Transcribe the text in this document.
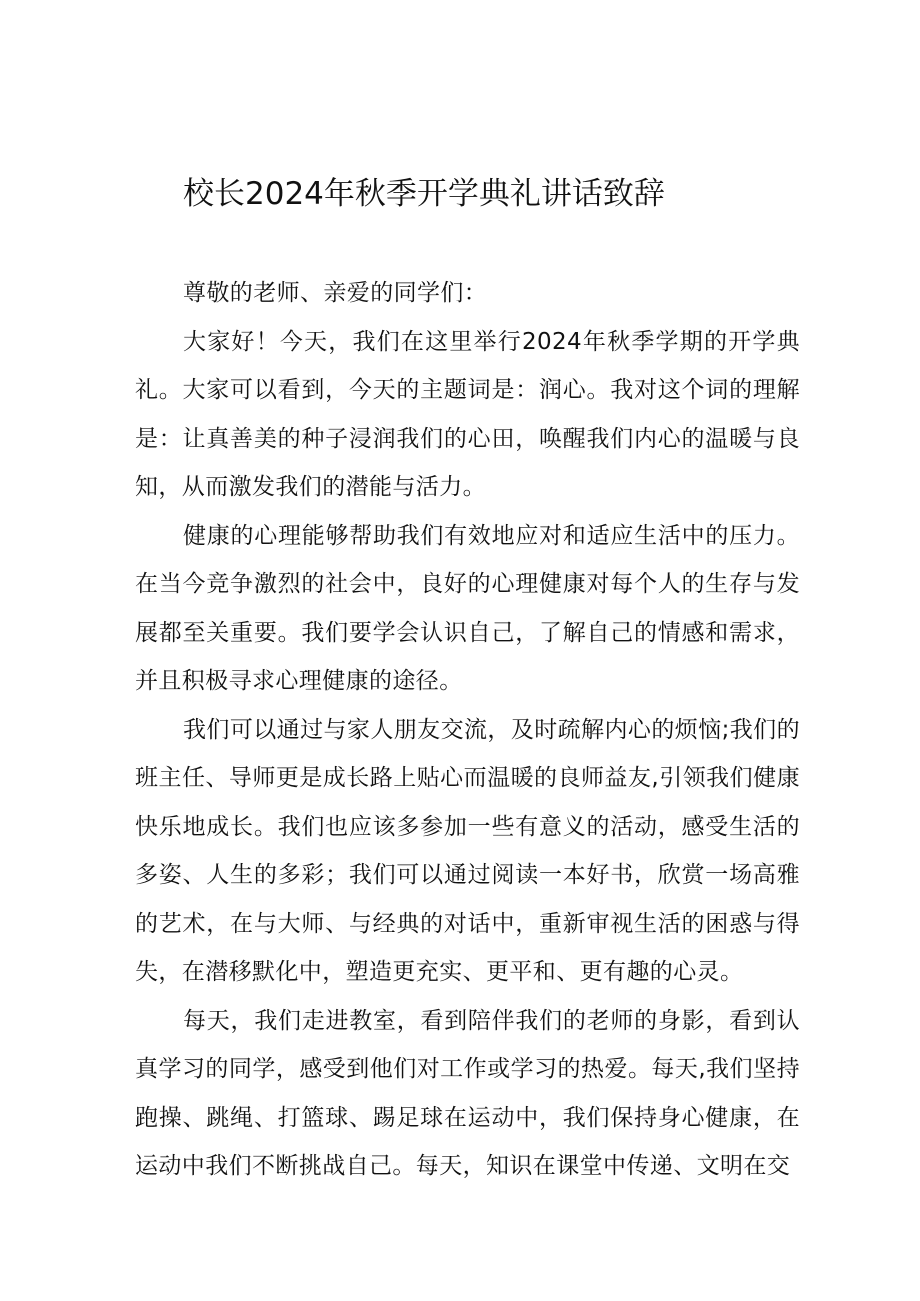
校长2024年秋季开学典礼讲话致辞

尊敬的老师、亲爱的同学们：

大家好！今天，我们在这里举行2024年秋季学期的开学典礼。大家可以看到，今天的主题词是：润心。我对这个词的理解是：让真善美的种子浸润我们的心田，唤醒我们内心的温暖与良知，从而激发我们的潜能与活力。

健康的心理能够帮助我们有效地应对和适应生活中的压力。在当今竞争激烈的社会中，良好的心理健康对每个人的生存与发展都至关重要。我们要学会认识自己，了解自己的情感和需求，并且积极寻求心理健康的途径。

我们可以通过与家人朋友交流，及时疏解内心的烦恼;我们的班主任、导师更是成长路上贴心而温暖的良师益友,引领我们健康快乐地成长。我们也应该多参加一些有意义的活动，感受生活的多姿、人生的多彩；我们可以通过阅读一本好书，欣赏一场高雅的艺术，在与大师、与经典的对话中，重新审视生活的困惑与得失，在潜移默化中，塑造更充实、更平和、更有趣的心灵。

每天，我们走进教室，看到陪伴我们的老师的身影，看到认真学习的同学，感受到他们对工作或学习的热爱。每天,我们坚持跑操、跳绳、打篮球、踢足球在运动中，我们保持身心健康，在运动中我们不断挑战自己。每天，知识在课堂中传递、文明在交
